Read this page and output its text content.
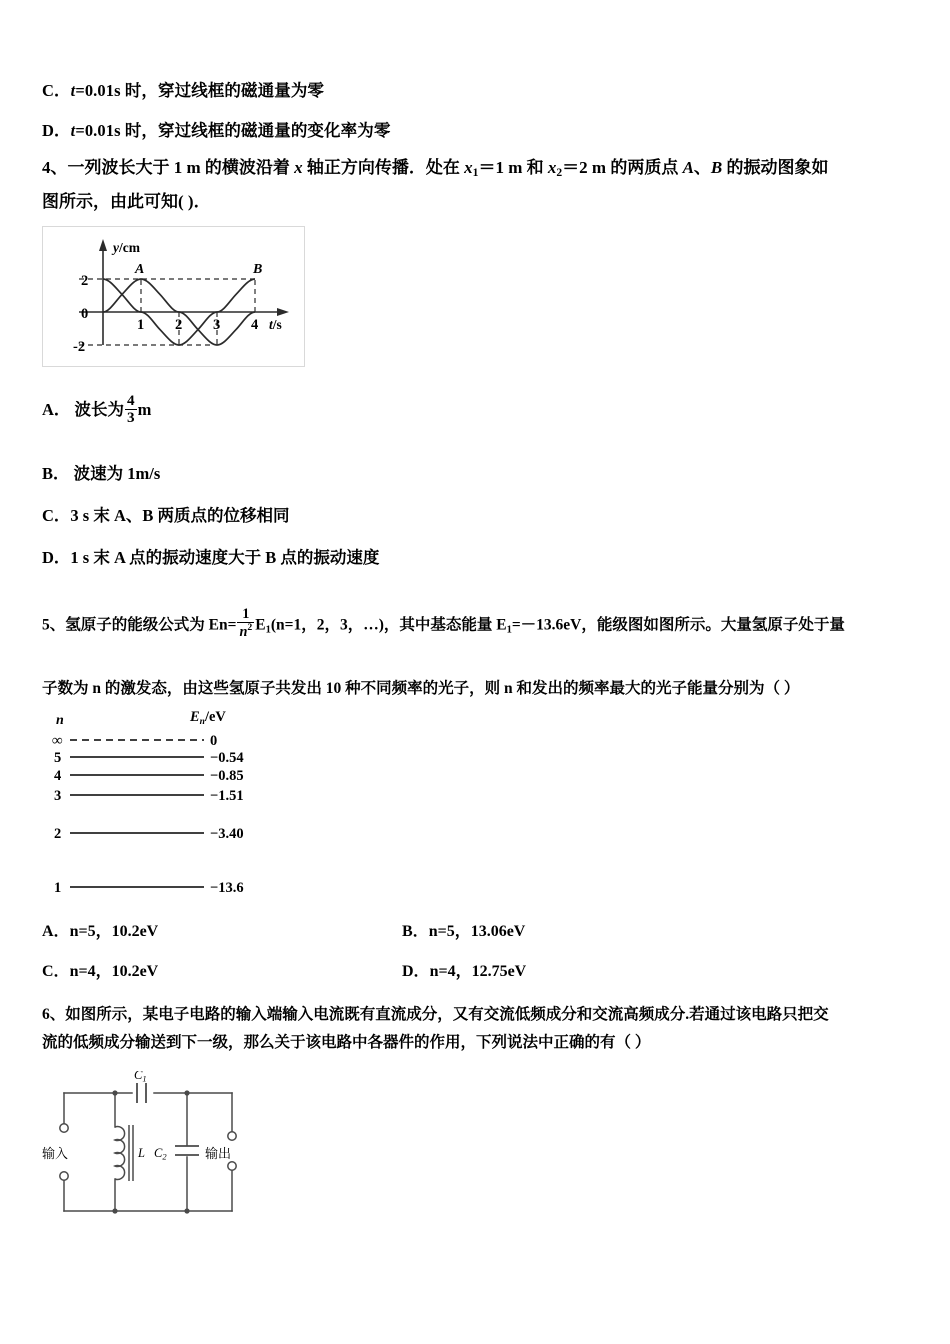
C．t=0.01s 时，穿过线框的磁通量为零
D．t=0.01s 时，穿过线框的磁通量的变化率为零
4、一列波长大于 1 m 的横波沿着 x 轴正方向传播．处在 $x_1=1$ m 和 $x_2=2$ m 的两质点 A、B 的振动图象如
图所示，由此可知( )．
y/cm
t/s
2
0
-2
1 2 3 4
A	B
A． 波长为 $\frac{4}{3}$ m
B． 波速为 1m/s
C．3 s 末 A、B 两质点的位移相同
D．1 s 末 A 点的振动速度大于 B 点的振动速度
5、氢原子的能级公式为 $En= \frac{1}{n^2} E_1(n=1$，2，3，…)，其中基态能量 $E_1=-13.6eV$，能级图如图所示。大量氢原子处于量
子数为 n 的激发态，由这些氢原子共发出 10 种不同频率的光子，则 n 和发出的频率最大的光子能量分别为（ ）
n	$E_n/eV$
∞	0
5	−0.54
4	−0.85
3	−1.51
2	−3.40
1	−13.6
A．n=5，10.2eV	B．n=5，13.06eV
C．n=4，10.2eV	D．n=4，12.75eV
6、如图所示，某电子电路的输入端输入电流既有直流成分，又有交流低频成分和交流高频成分.若通过该电路只把交
流的低频成分输送到下一级，那么关于该电路中各器件的作用，下列说法中正确的有（ ）
$C_1$
$C_2$
L
输入	输出
